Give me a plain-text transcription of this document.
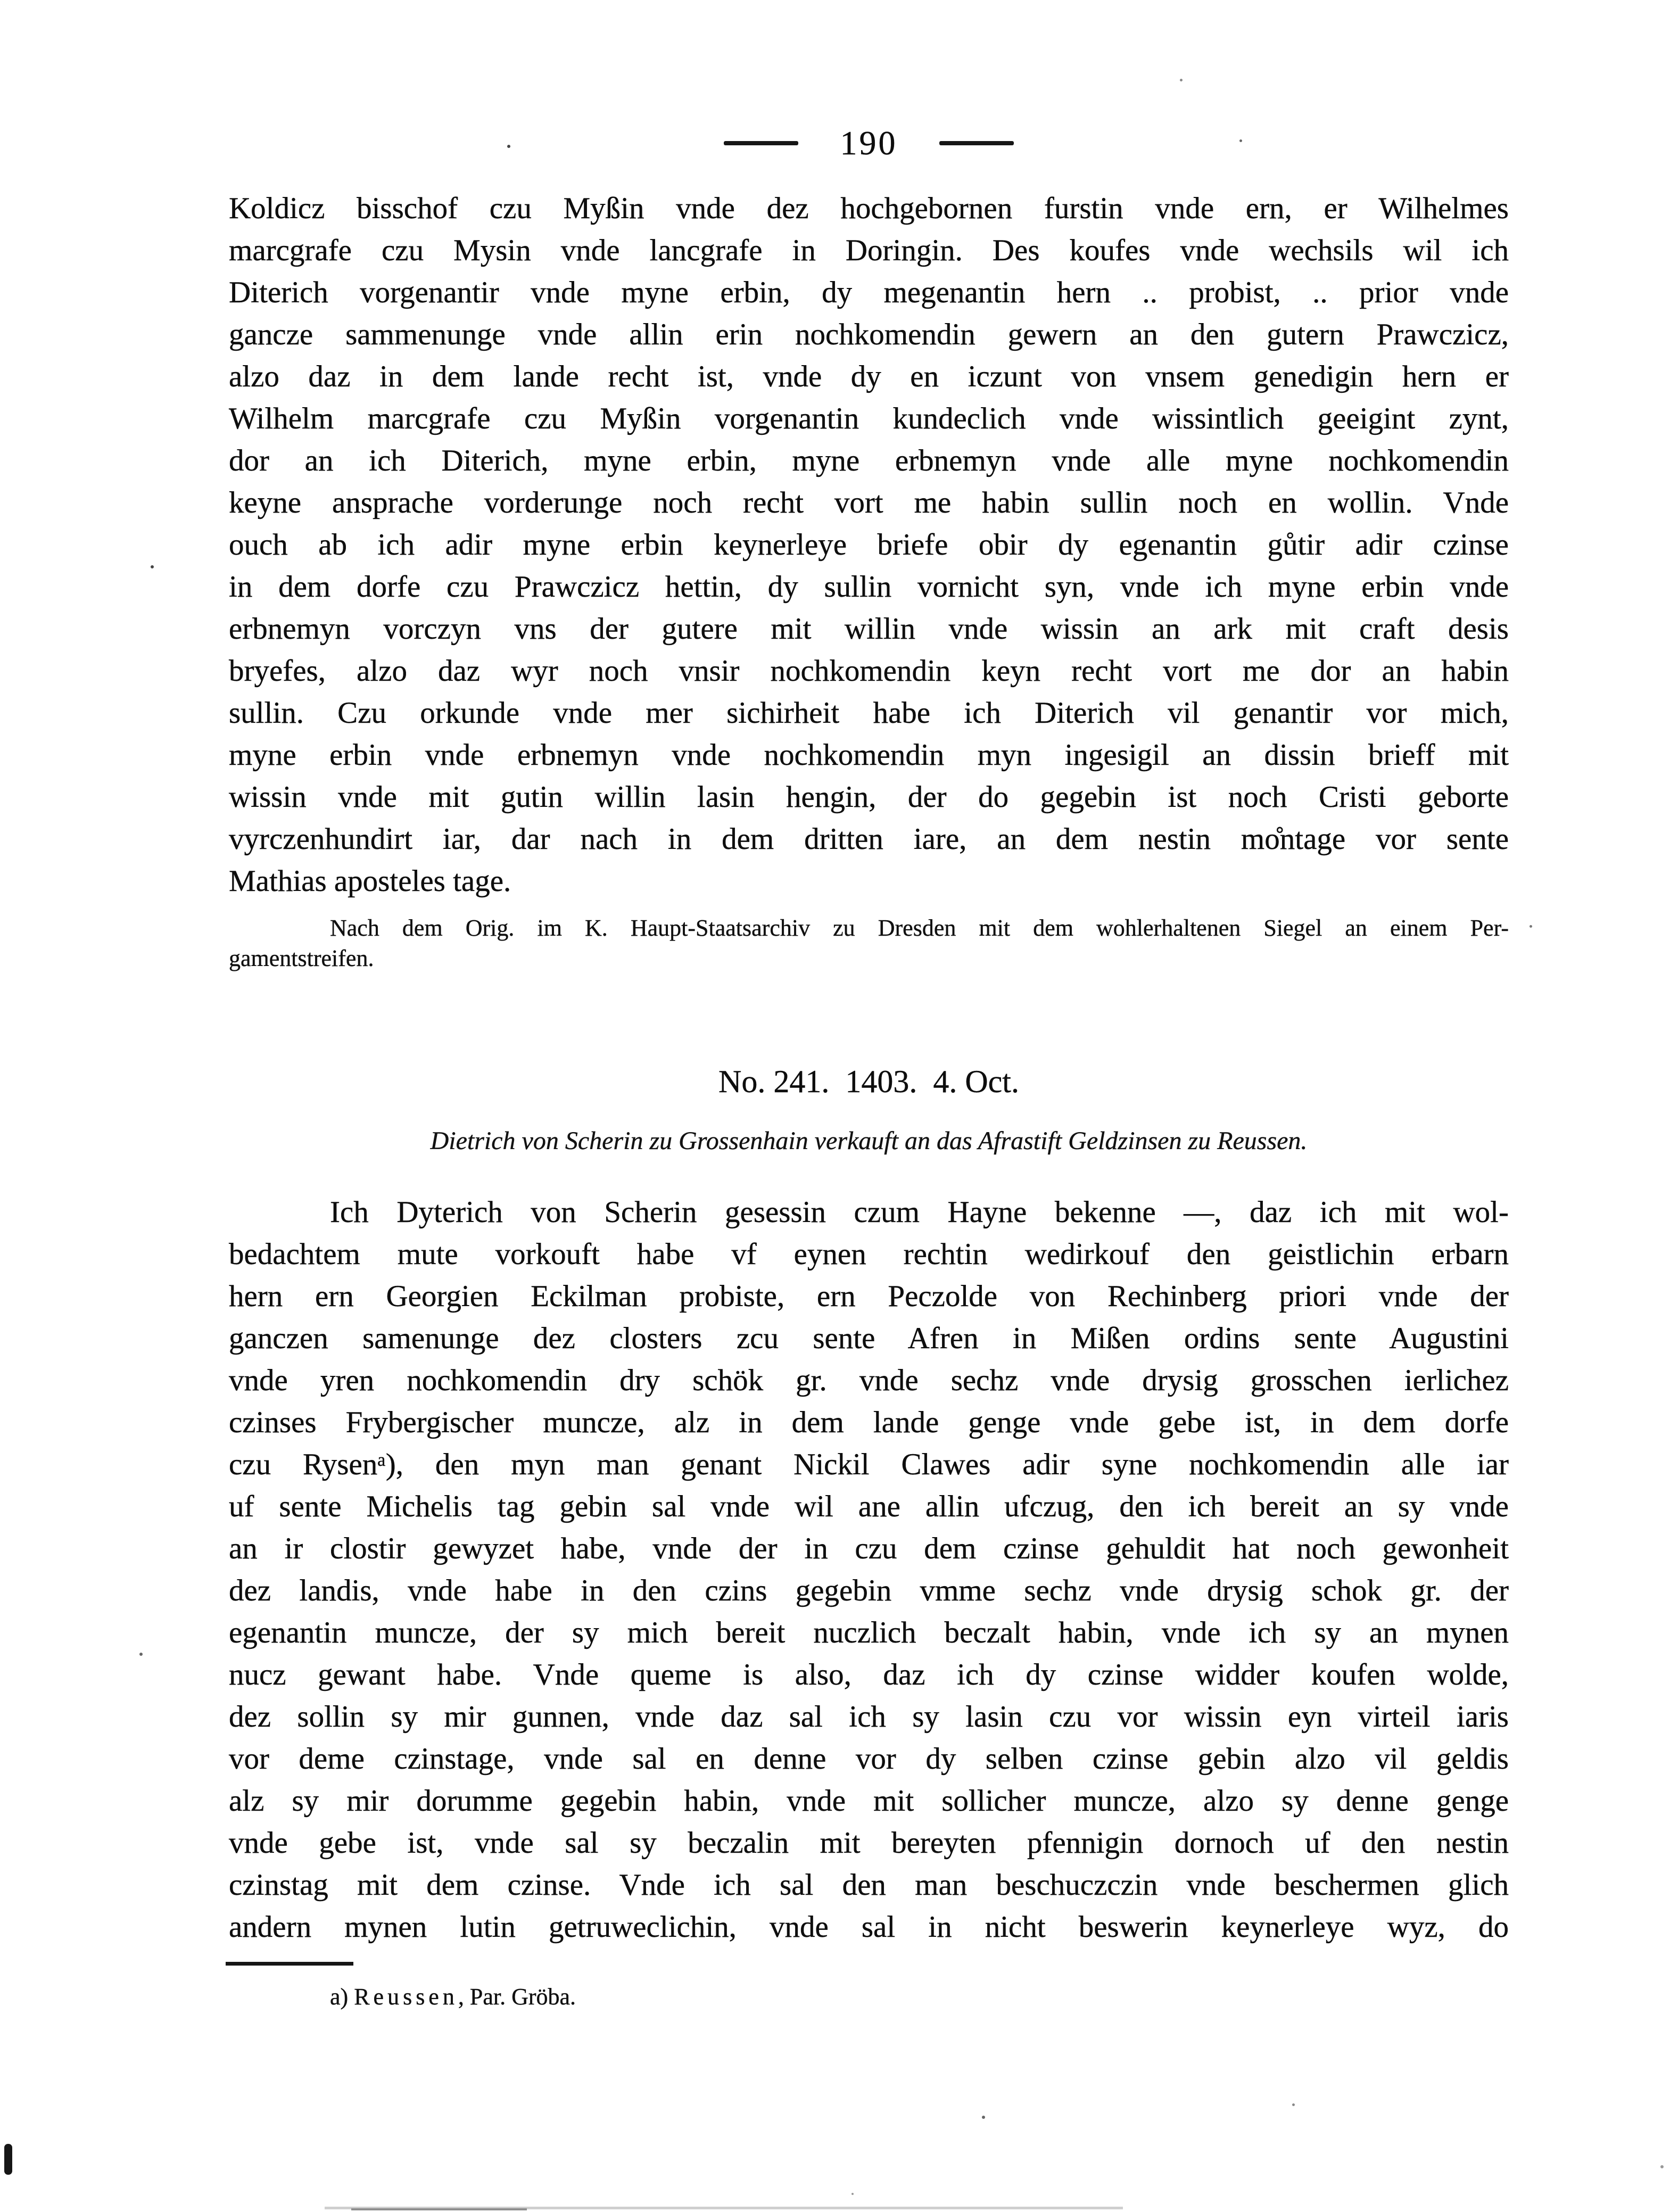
190
Koldicz bisschof czu Myßin vnde dez hochgebornen furstin vnde ern, er Wilhelmes
marcgrafe czu Mysin vnde lancgrafe in Doringin. Des koufes vnde wechsils wil ich
Diterich vorgenantir vnde myne erbin, dy megenantin hern .. probist, .. prior vnde
gancze sammenunge vnde allin erin nochkomendin gewern an den gutern Prawczicz,
alzo daz in dem lande recht ist, vnde dy en iczunt von vnsem genedigin hern er
Wilhelm marcgrafe czu Myßin vorgenantin kundeclich vnde wissintlich geeigint zynt,
dor an ich Diterich, myne erbin, myne erbnemyn vnde alle myne nochkomendin
keyne ansprache vorderunge noch recht vort me habin sullin noch en wollin. Vnde
ouch ab ich adir myne erbin keynerleye briefe obir dy egenantin gůtir adir czinse
in dem dorfe czu Prawczicz hettin, dy sullin vornicht syn, vnde ich myne erbin vnde
erbnemyn vorczyn vns der gutere mit willin vnde wissin an ark mit craft desis
bryefes, alzo daz wyr noch vnsir nochkomendin keyn recht vort me dor an habin
sullin. Czu orkunde vnde mer sichirheit habe ich Diterich vil genantir vor mich,
myne erbin vnde erbnemyn vnde nochkomendin myn ingesigil an dissin brieff mit
wissin vnde mit gutin willin lasin hengin, der do gegebin ist noch Cristi geborte
vyrczenhundirt iar, dar nach in dem dritten iare, an dem nestin mo̊ntage vor sente
Mathias aposteles tage.
Nach dem Orig. im K. Haupt-Staatsarchiv zu Dresden mit dem wohlerhaltenen Siegel an einem Per-
gamentstreifen.
No. 241.  1403.  4. Oct.

Dietrich von Scherin zu Grossenhain verkauft an das Afrastift Geldzinsen zu Reussen.

Ich Dyterich von Scherin gesessin czum Hayne bekenne —, daz ich mit wol-
bedachtem mute vorkouft habe vf eynen rechtin wedirkouf den geistlichin erbarn
hern ern Georgien Eckilman probiste, ern Peczolde von Rechinberg priori vnde der
ganczen samenunge dez closters zcu sente Afren in Mißen ordins sente Augustini
vnde yren nochkomendin dry schök gr. vnde sechz vnde drysig grosschen ierlichez
czinses Frybergischer muncze, alz in dem lande genge vnde gebe ist, in dem dorfe
czu Rysenᵃ), den myn man genant Nickil Clawes adir syne nochkomendin alle iar
uf sente Michelis tag gebin sal vnde wil ane allin ufczug, den ich bereit an sy vnde
an ir clostir gewyzet habe, vnde der in czu dem czinse gehuldit hat noch gewonheit
dez landis, vnde habe in den czins gegebin vmme sechz vnde drysig schok gr. der
egenantin muncze, der sy mich bereit nuczlich beczalt habin, vnde ich sy an mynen
nucz gewant habe. Vnde queme is also, daz ich dy czinse widder koufen wolde,
dez sollin sy mir gunnen, vnde daz sal ich sy lasin czu vor wissin eyn virteil iaris
vor deme czinstage, vnde sal en denne vor dy selben czinse gebin alzo vil geldis
alz sy mir dorumme gegebin habin, vnde mit sollicher muncze, alzo sy denne genge
vnde gebe ist, vnde sal sy beczalin mit bereyten pfennigin dornoch uf den nestin
czinstag mit dem czinse. Vnde ich sal den man beschuczczin vnde beschermen glich
andern mynen lutin getruweclichin, vnde sal in nicht beswerin keynerleye wyz, do

a) Reussen, Par. Gröba.
